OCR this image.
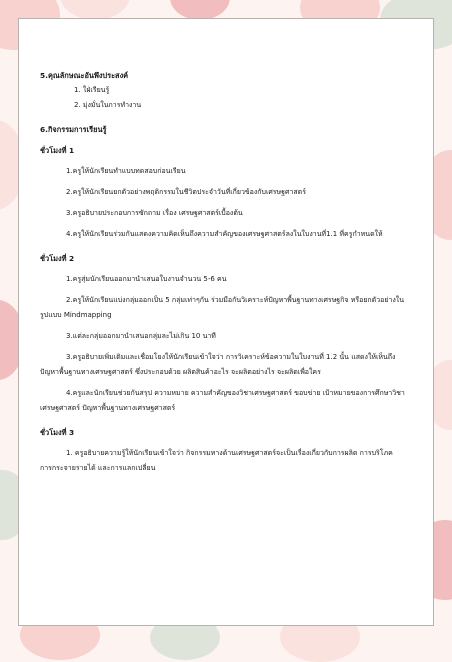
5.คุณลักษณะอันพึงประสงค์
1. ใฝ่เรียนรู้
2. มุ่งมั่นในการทำงาน
6.กิจกรรมการเรียนรู้
ชั่วโมงที่ 1
1.ครูให้นักเรียนทำแบบทดสอบก่อนเรียน
2.ครูให้นักเรียนยกตัวอย่างพฤติกรรมในชีวิตประจำวันที่เกี่ยวข้องกับเศรษฐศาสตร์
3.ครูอธิบายประกอบการซักถาม เรื่อง เศรษฐศาสตร์เบื้องต้น
4.ครูให้นักเรียนร่วมกันแสดงความคิดเห็นถึงความสำคัญของเศรษฐศาสตร์ลงในใบงานที่1.1 ที่ครูกำหนดให้
ชั่วโมงที่ 2
1.ครูสุ่มนักเรียนออกมานำเสนอใบงานจำนวน 5-6 คน
2.ครูให้นักเรียนแบ่งกลุ่มออกเป็น 5 กลุ่มเท่าๆกัน ร่วมมือกันวิเคราะห์ปัญหาพื้นฐานทางเศรษฐกิจ หรือยกตัวอย่างในรูปแบบ Mindmapping
3.แต่ละกลุ่มออกมานำเสนอกลุ่มละไม่เกิน 10 นาที
3.ครูอธิบายเพิ่มเติมและเชื่อมโยงให้นักเรียนเข้าใจว่า การวิเคราะห์ข้อความในใบงานที่ 1.2 นั้น แสดงให้เห็นถึงปัญหาพื้นฐานทางเศรษฐศาสตร์ ซึ่งประกอบด้วย ผลิตสินค้าอะไร จะผลิตอย่างไร จะผลิตเพื่อใคร
4.ครูและนักเรียนช่วยกันสรุป ความหมาย ความสำคัญของวิชาเศรษฐศาสตร์ ขอบข่าย เป้าหมายของการศึกษาวิชาเศรษฐศาสตร์ ปัญหาพื้นฐานทางเศรษฐศาสตร์
ชั่วโมงที่ 3
1. ครูอธิบายความรู้ให้นักเรียนเข้าใจว่า กิจกรรมทางด้านเศรษฐศาสตร์จะเป็นเรื่องเกี่ยวกับการผลิต การบริโภค การกระจายรายได้ และการแลกเปลี่ยน
